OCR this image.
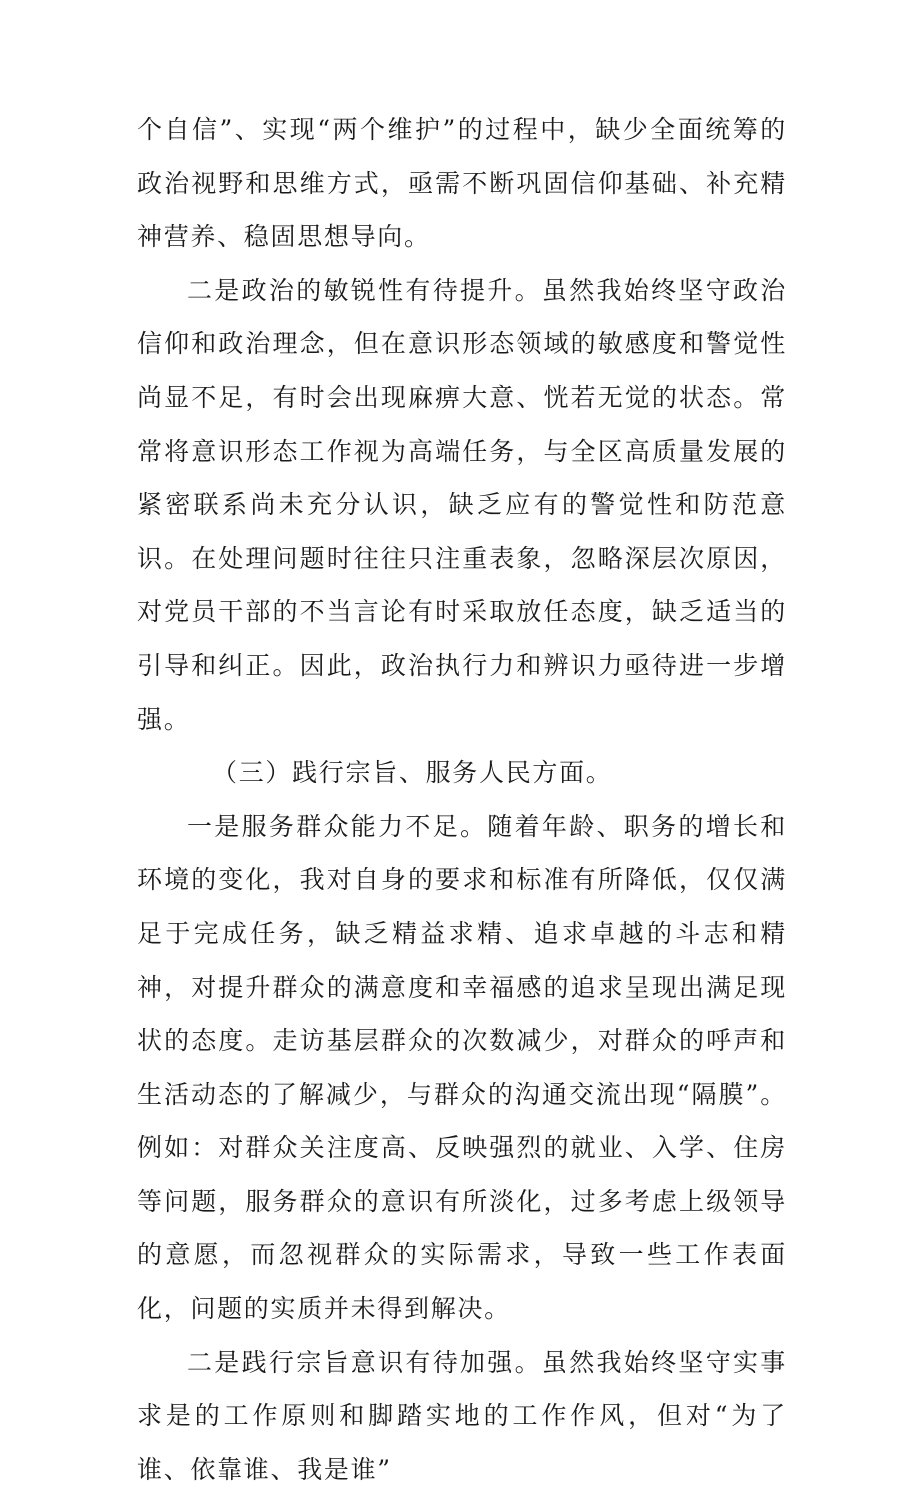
个自信”、实现“两个维护”的过程中，缺少全面统筹的政治视野和思维方式，亟需不断巩固信仰基础、补充精神营养、稳固思想导向。

二是政治的敏锐性有待提升。虽然我始终坚守政治信仰和政治理念，但在意识形态领域的敏感度和警觉性尚显不足，有时会出现麻痹大意、恍若无觉的状态。常常将意识形态工作视为高端任务，与全区高质量发展的紧密联系尚未充分认识，缺乏应有的警觉性和防范意识。在处理问题时往往只注重表象，忽略深层次原因，对党员干部的不当言论有时采取放任态度，缺乏适当的引导和纠正。因此，政治执行力和辨识力亟待进一步增强。

（三）践行宗旨、服务人民方面。

一是服务群众能力不足。随着年龄、职务的增长和环境的变化，我对自身的要求和标准有所降低，仅仅满足于完成任务，缺乏精益求精、追求卓越的斗志和精神，对提升群众的满意度和幸福感的追求呈现出满足现状的态度。走访基层群众的次数减少，对群众的呼声和生活动态的了解减少，与群众的沟通交流出现“隔膜”。例如：对群众关注度高、反映强烈的就业、入学、住房等问题，服务群众的意识有所淡化，过多考虑上级领导的意愿，而忽视群众的实际需求，导致一些工作表面化，问题的实质并未得到解决。

二是践行宗旨意识有待加强。虽然我始终坚守实事求是的工作原则和脚踏实地的工作作风，但对“为了谁、依靠谁、我是谁”
